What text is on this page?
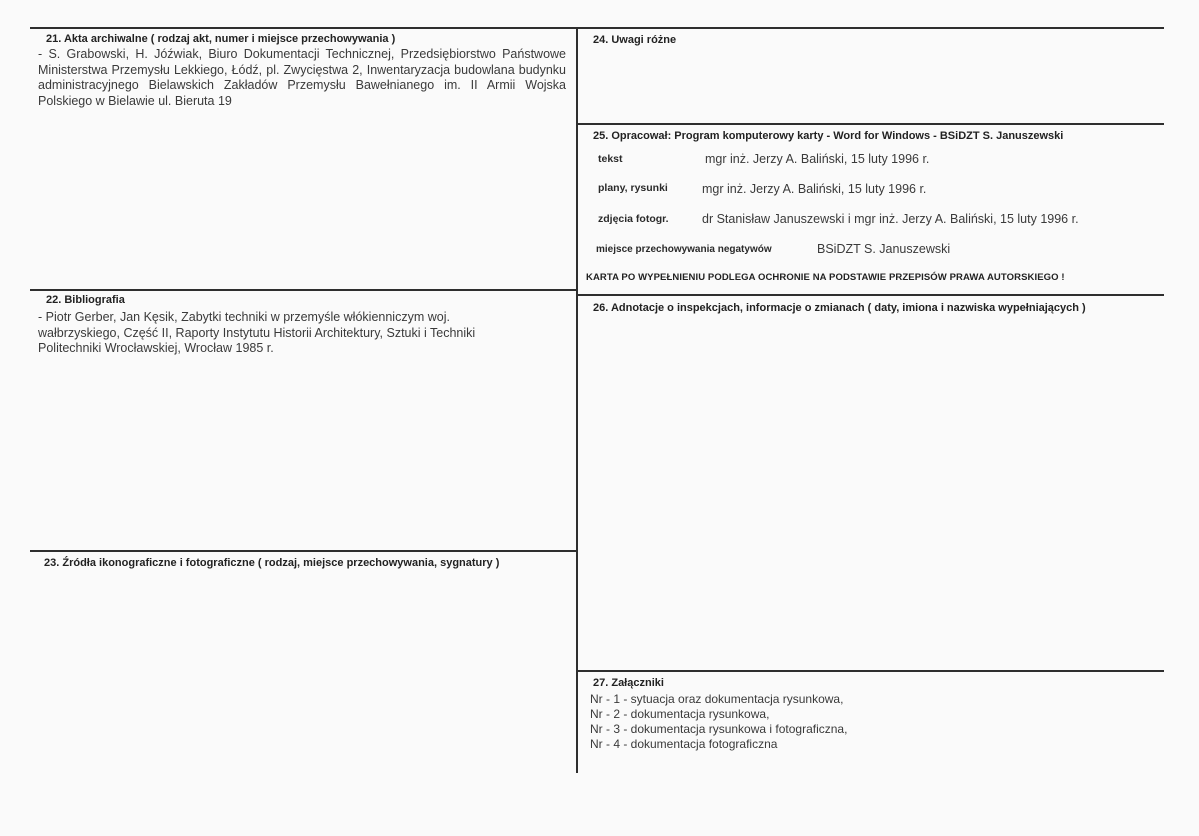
21. Akta archiwalne ( rodzaj akt, numer i miejsce przechowywania )
- S. Grabowski, H. Jóźwiak, Biuro Dokumentacji Technicznej, Przedsiębiorstwo Państwowe Ministerstwa Przemysłu Lekkiego, Łódź, pl. Zwycięstwa 2, Inwentaryzacja budowlana budynku administracyjnego Bielawskich Zakładów Przemysłu Bawełnianego im. II Armii Wojska Polskiego w Bielawie ul. Bieruta 19
22. Bibliografia
- Piotr Gerber, Jan Kęsik, Zabytki techniki w przemyśle włókienniczym woj. wałbrzyskiego, Część II, Raporty Instytutu Historii Architektury, Sztuki i Techniki Politechniki Wrocławskiej, Wrocław 1985 r.
23. Źródła ikonograficzne i fotograficzne ( rodzaj, miejsce przechowywania, sygnatury )
24. Uwagi różne
25. Opracował: Program komputerowy karty - Word for Windows - BSiDZT S. Januszewski
tekst	mgr inż. Jerzy A. Baliński, 15 luty 1996 r.
plany, rysunki	mgr inż. Jerzy A. Baliński, 15 luty 1996 r.
zdjęcia fotogr.	dr Stanisław Januszewski i mgr inż. Jerzy A. Baliński, 15 luty 1996 r.
miejsce przechowywania negatywów	BSiDZT S. Januszewski
KARTA PO WYPEŁNIENIU PODLEGA OCHRONIE NA PODSTAWIE PRZEPISÓW PRAWA AUTORSKIEGO !
26. Adnotacje o inspekcjach, informacje o zmianach ( daty, imiona i nazwiska wypełniających )
27. Załączniki
Nr - 1 - sytuacja oraz dokumentacja rysunkowa,
Nr - 2 - dokumentacja rysunkowa,
Nr - 3 - dokumentacja rysunkowa i fotograficzna,
Nr - 4 - dokumentacja fotograficzna
